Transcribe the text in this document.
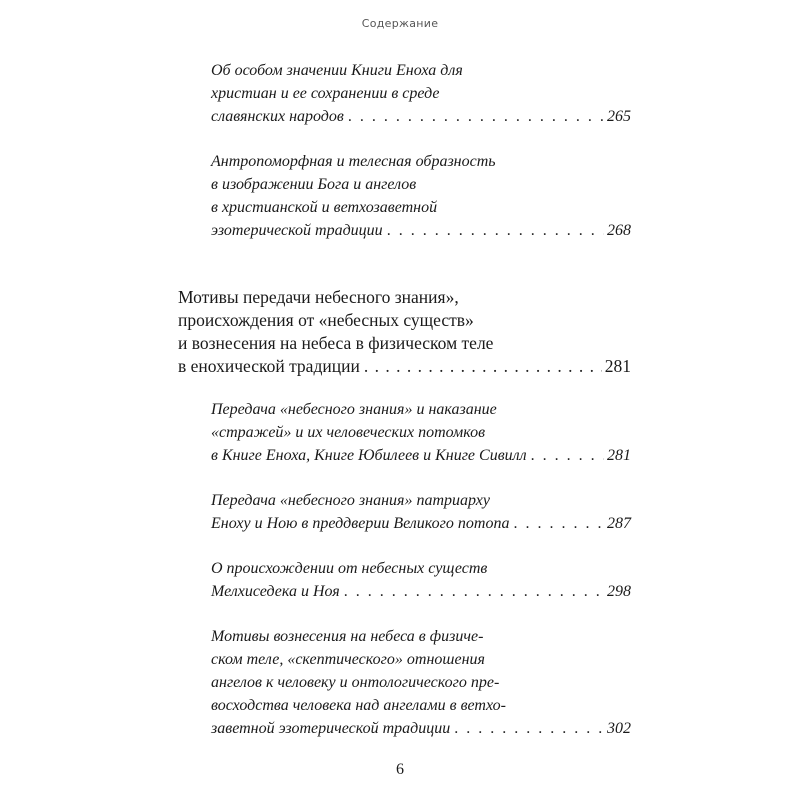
Содержание
Об особом значении Книги Еноха для
христиан и ее сохранении в среде
славянских народов . . .	265
Антропоморфная и телесная образность
в изображении Бога и ангелов
в христианской и ветхозаветной
эзотерической традиции . . .	268
Мотивы передачи небесного знания»,
происхождения от «небесных существ»
и вознесения на небеса в физическом теле
в енохической традиции . . .	281
Передача «небесного знания» и наказание
«стражей» и их человеческих потомков
в Книге Еноха, Книге Юбилеев и Книге Сивилл . . .	281
Передача «небесного знания» патриарху
Еноху и Ною в преддверии Великого потопа . . .	287
О происхождении от небесных существ
Мелхиседека и Ноя . . .	298
Мотивы вознесения на небеса в физиче-
ском теле, «скептического» отношения
ангелов к человеку и онтологического пре-
восходства человека над ангелами в ветхо-
заветной эзотерической традиции . . .	302
6
